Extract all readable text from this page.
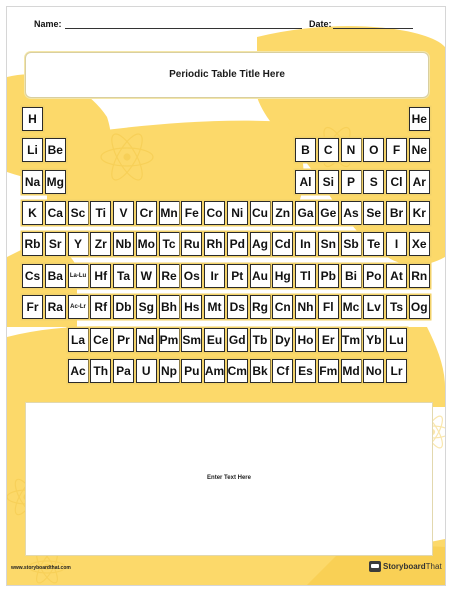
Name:	Date:
Periodic Table Title Here
H	He
Li Be	B	C	N	O	F Ne
Na Mg	Al Si	P	S	Cl Ar
K Ca Sc Ti	V	Cr Mn Fe Co Ni Cu Zn Ga Ge As Se Br Kr
Rb Sr	Y	Zr Nb Mo Tc Ru Rh Pd Ag Cd In Sn Sb Te	I	Xe
Cs Ba	La-Lu Hf Ta W Re Os Ir	Pt Au Hg Tl Pb Bi Po At Rn
Fr Ra	Ac-Lr Rf Db Sg Bh Hs Mt Ds Rg Cn Nh Fl Mc Lv Ts Og
La Ce Pr Nd Pm Sm Eu Gd Tb Dy Ho Er Tm Yb Lu
Ac Th Pa U Np Pu Am Cm Bk Cf Es Fm Md No Lr
Enter Text Here
www.storyboardthat.com	StoryboardThat
